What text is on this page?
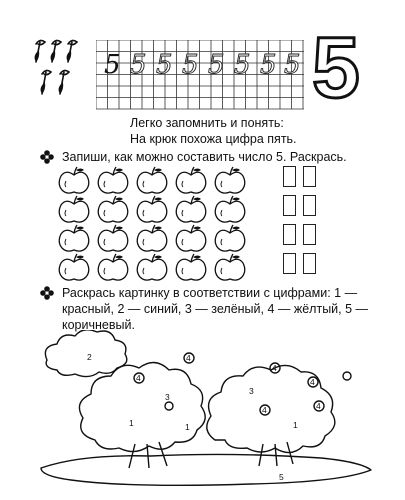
5 5 5 5 5 5 5 5 5
Легко запомнить и понять:
На крюк похожа цифра пять.
Запиши, как можно составить число 5. Раскрась.
Раскрась картинку в соответствии с цифрами: 1 —
красный, 2 — синий, 3 — зелёный, 4 — жёлтый, 5 —
коричневый.
2	4
4
4
4
4
4
3
3
1	1	1
5
